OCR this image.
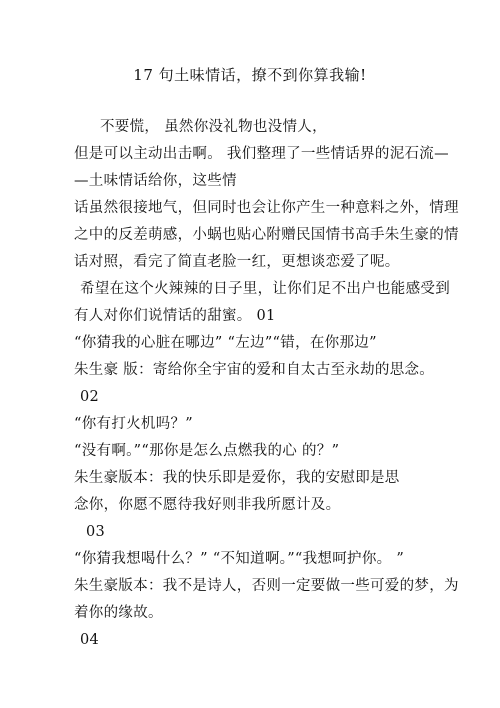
17 句土味情话，撩不到你算我输!
不要慌， 虽然你没礼物也没情人，
但是可以主动出击啊。 我们整理了一些情话界的泥石流—
—土味情话给你，这些情
话虽然很接地气，但同时也会让你产生一种意料之外，情理
之中的反差萌感，小蜗也贴心附赠民国情书高手朱生豪的情
话对照，看完了简直老脸一红，更想谈恋爱了呢。
希望在这个火辣辣的日子里，让你们足不出户也能感受到
有人对你们说情话的甜蜜。 01
“你猜我的心脏在哪边” “左边”“错，在你那边”
朱生豪 版：寄给你全宇宙的爱和自太古至永劫的思念。
02
“你有打火机吗？”
“没有啊。”“那你是怎么点燃我的心 的？”
朱生豪版本：我的快乐即是爱你，我的安慰即是思
念你，你愿不愿待我好则非我所愿计及。
03
“你猜我想喝什么？” “不知道啊。”“我想呵护你。 ”
朱生豪版本：我不是诗人，否则一定要做一些可爱的梦，为
着你的缘故。
04
